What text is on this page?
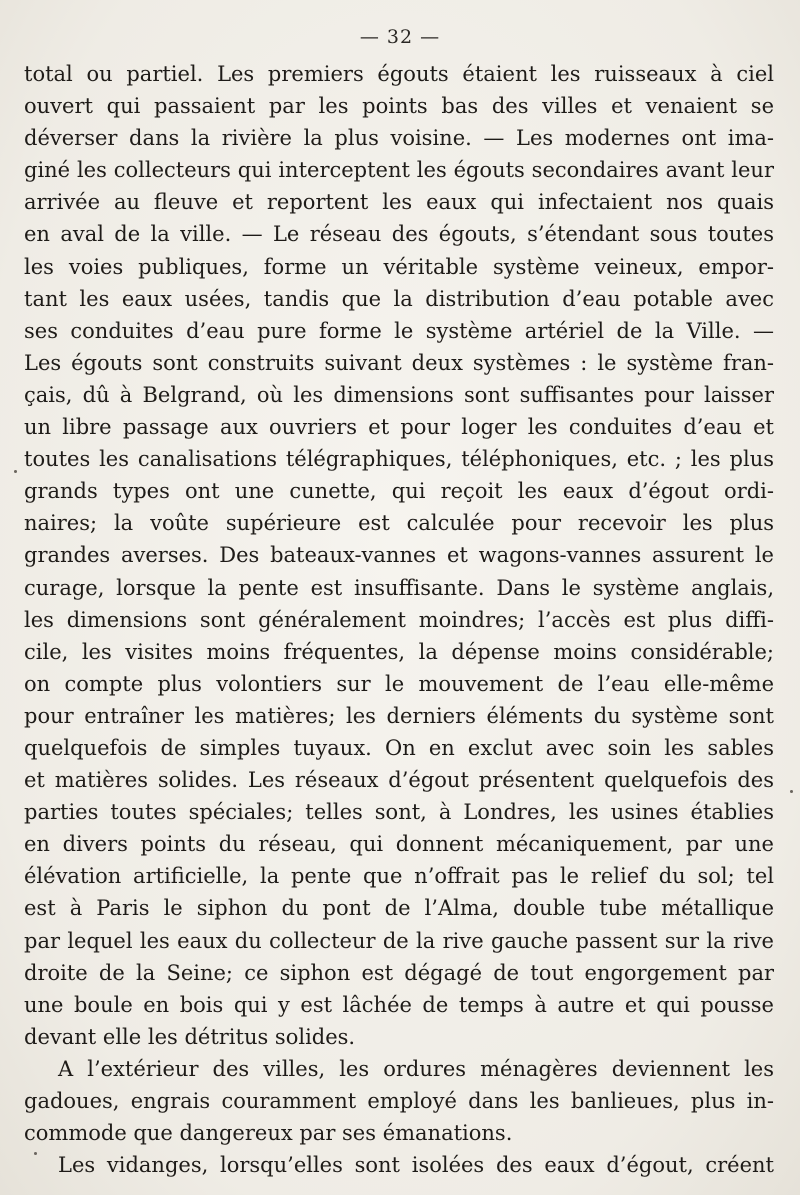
— 32 —
total ou partiel. Les premiers égouts étaient les ruisseaux à ciel
ouvert qui passaient par les points bas des villes et venaient se
déverser dans la rivière la plus voisine. — Les modernes ont ima-
giné les collecteurs qui interceptent les égouts secondaires avant leur
arrivée au fleuve et reportent les eaux qui infectaient nos quais
en aval de la ville. — Le réseau des égouts, s’étendant sous toutes
les voies publiques, forme un véritable système veineux, empor-
tant les eaux usées, tandis que la distribution d’eau potable avec
ses conduites d’eau pure forme le système artériel de la Ville. —
Les égouts sont construits suivant deux systèmes : le système fran-
çais, dû à Belgrand, où les dimensions sont suffisantes pour laisser
un libre passage aux ouvriers et pour loger les conduites d’eau et
toutes les canalisations télégraphiques, téléphoniques, etc. ; les plus
grands types ont une cunette, qui reçoit les eaux d’égout ordi-
naires; la voûte supérieure est calculée pour recevoir les plus
grandes averses. Des bateaux-vannes et wagons-vannes assurent le
curage, lorsque la pente est insuffisante. Dans le système anglais,
les dimensions sont généralement moindres; l’accès est plus diffi-
cile, les visites moins fréquentes, la dépense moins considérable;
on compte plus volontiers sur le mouvement de l’eau elle-même
pour entraîner les matières; les derniers éléments du système sont
quelquefois de simples tuyaux. On en exclut avec soin les sables
et matières solides. Les réseaux d’égout présentent quelquefois des
parties toutes spéciales; telles sont, à Londres, les usines établies
en divers points du réseau, qui donnent mécaniquement, par une
élévation artificielle, la pente que n’offrait pas le relief du sol; tel
est à Paris le siphon du pont de l’Alma, double tube métallique
par lequel les eaux du collecteur de la rive gauche passent sur la rive
droite de la Seine; ce siphon est dégagé de tout engorgement par
une boule en bois qui y est lâchée de temps à autre et qui pousse
devant elle les détritus solides.
A l’extérieur des villes, les ordures ménagères deviennent les
gadoues, engrais couramment employé dans les banlieues, plus in-
commode que dangereux par ses émanations.
Les vidanges, lorsqu’elles sont isolées des eaux d’égout, créent
